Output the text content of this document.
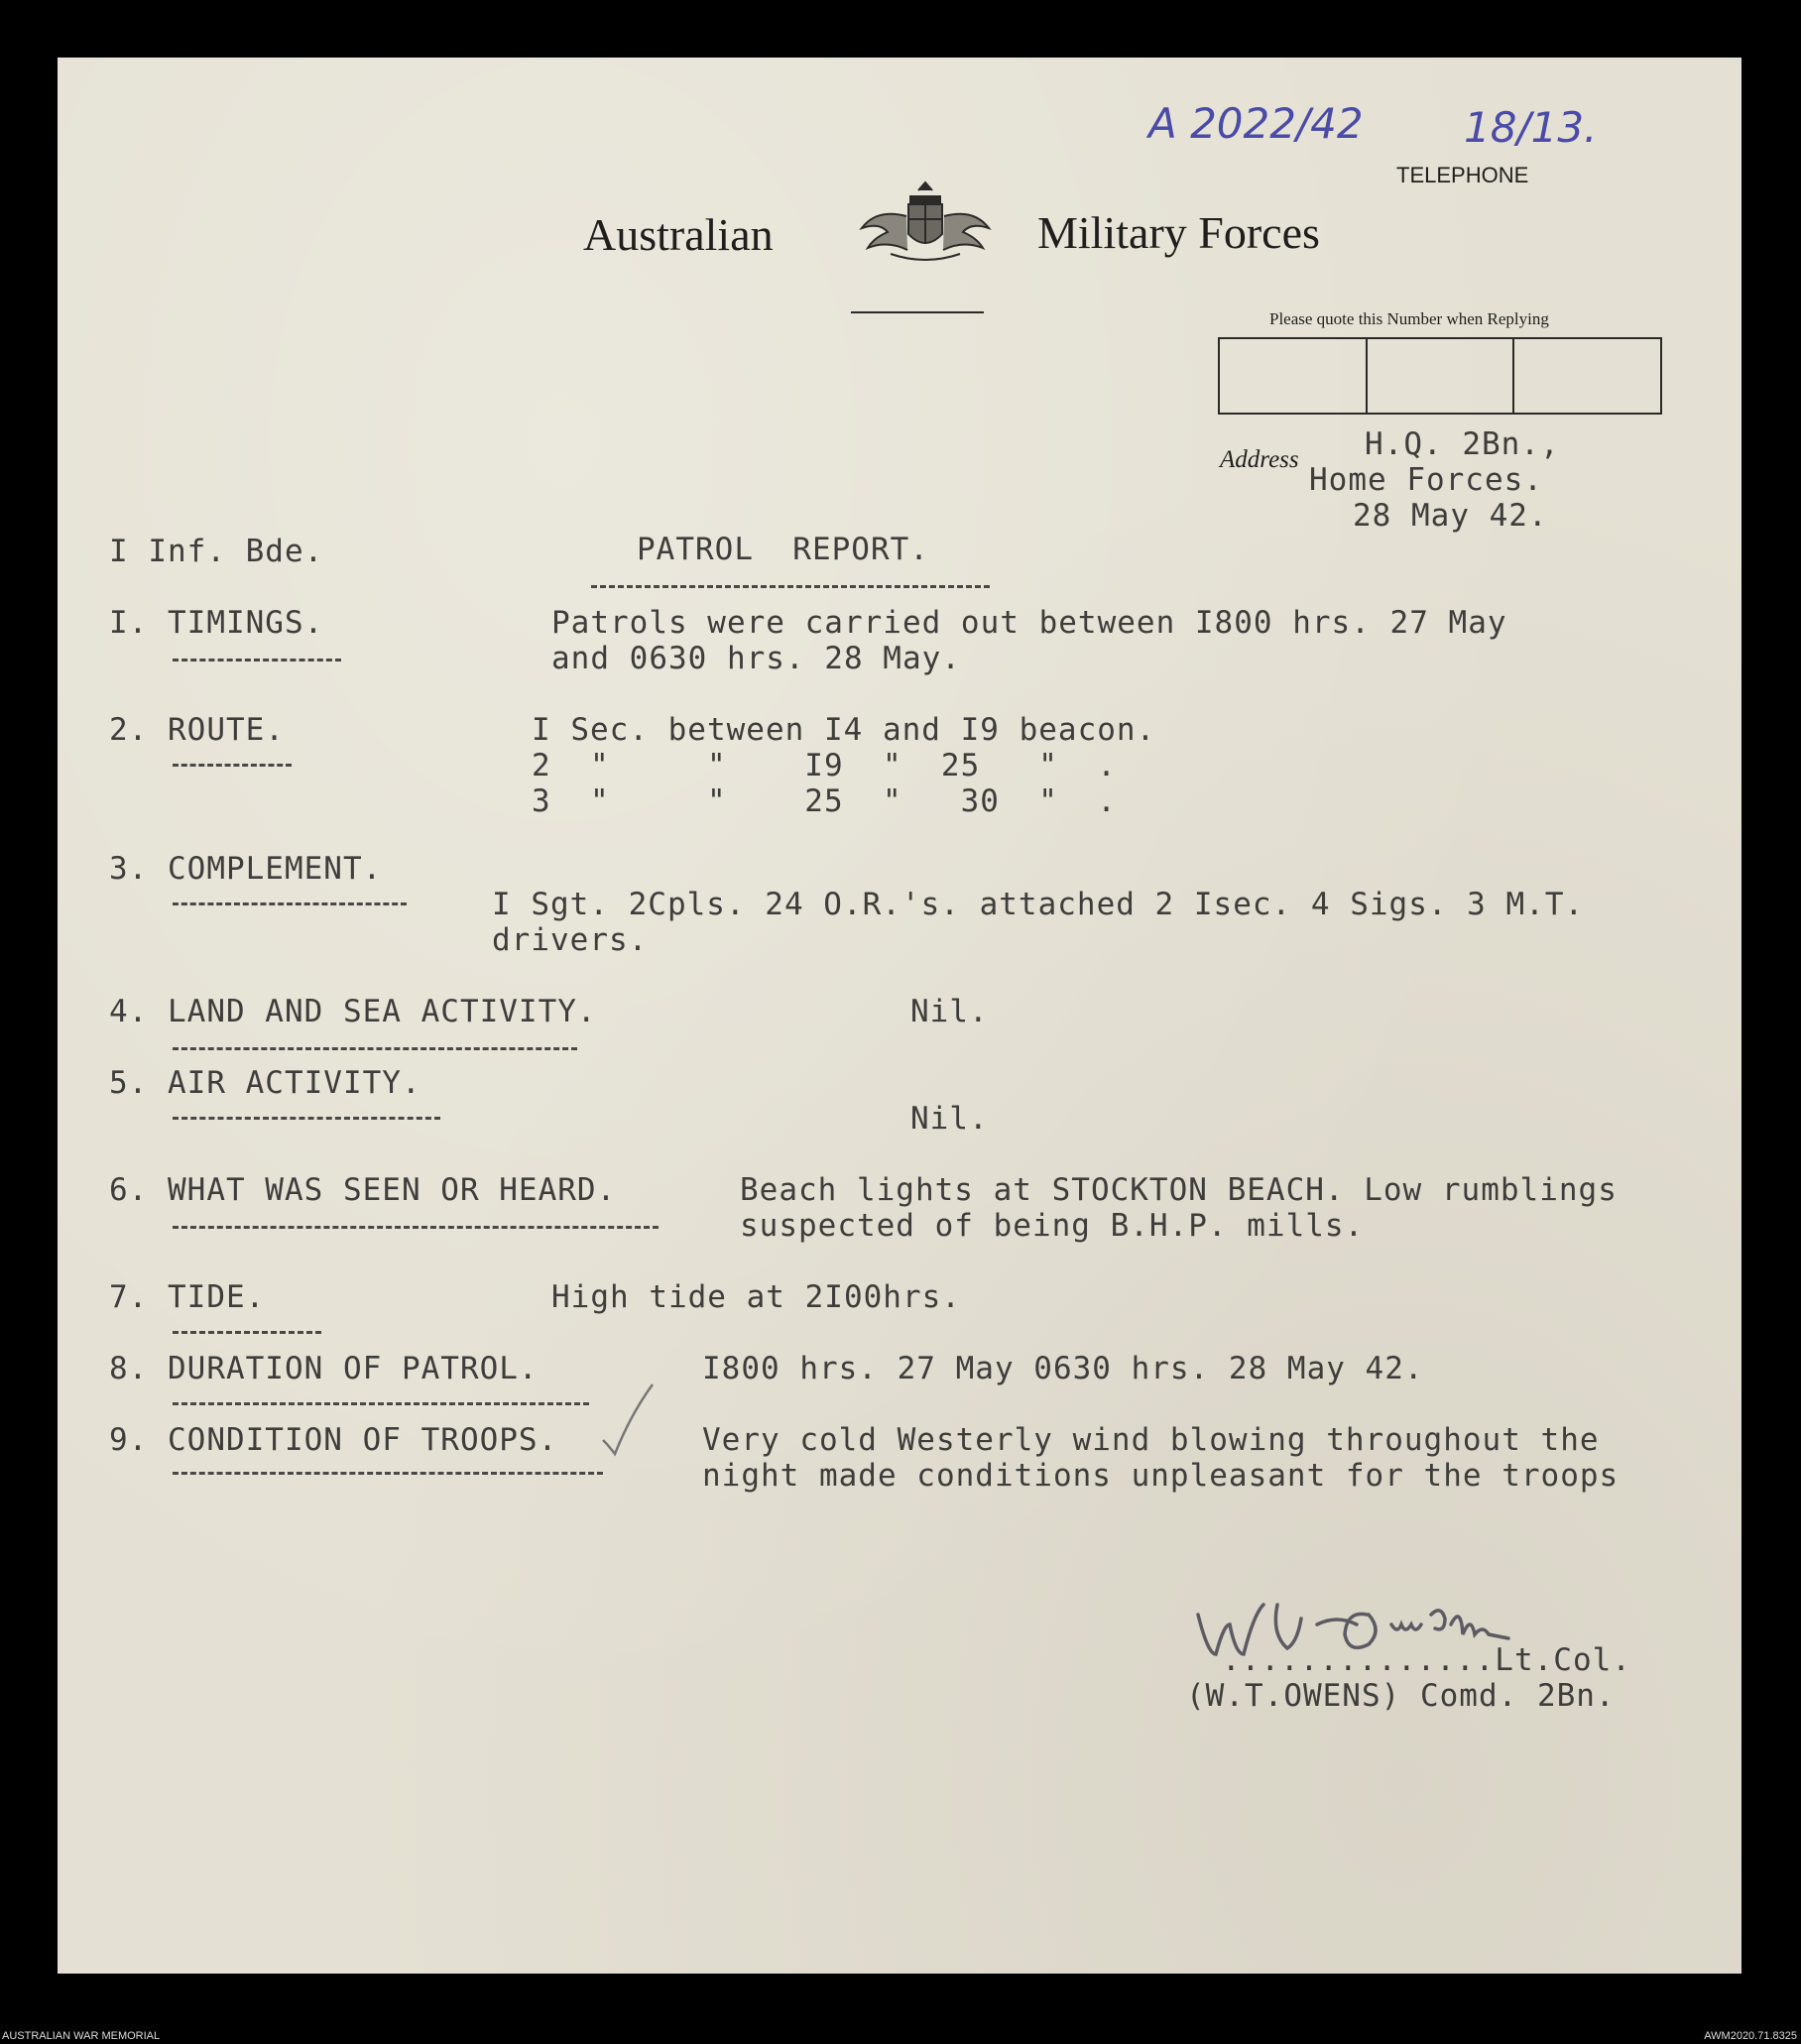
A 2022/42 18/13.
TELEPHONE
Australian	Military Forces
Please quote this Number when Replying
Address H.Q. 2Bn.,
Home Forces.
28 May 42.
I Inf. Bde.	PATROL  REPORT.
I. TIMINGS.	Patrols were carried out between I800 hrs. 27 May
and 0630 hrs. 28 May.
2. ROUTE.	I Sec. between I4 and I9 beacon.
2  "     "    I9  "  25   "  .
3  "     "    25  "   30  "  .
3. COMPLEMENT.
I Sgt. 2Cpls. 24 O.R.'s. attached 2 Isec. 4 Sigs. 3 M.T.
drivers.
4. LAND AND SEA ACTIVITY.	Nil.
5. AIR ACTIVITY.
Nil.
6. WHAT WAS SEEN OR HEARD.	Beach lights at STOCKTON BEACH. Low rumblings
suspected of being B.H.P. mills.
7. TIDE.	High tide at 2I00hrs.
8. DURATION OF PATROL.	I800 hrs. 27 May 0630 hrs. 28 May 42.
9. CONDITION OF TROOPS.	Very cold Westerly wind blowing throughout the
night made conditions unpleasant for the troops
..............Lt.Col.
(W.T.OWENS) Comd. 2Bn.
AUSTRALIAN WAR MEMORIAL	AWM2020.71.8325
